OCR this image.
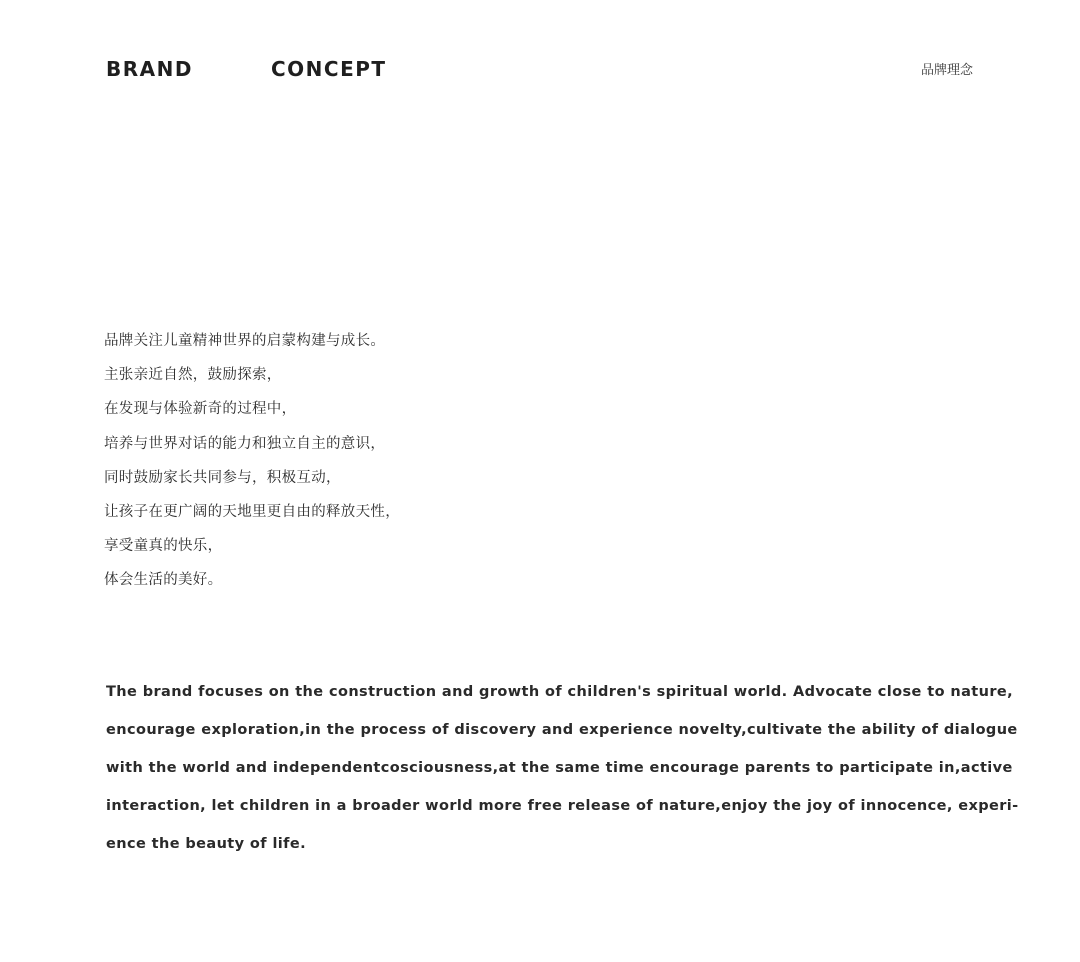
BRAND	CONCEPT	品牌理念
品牌关注儿童精神世界的启蒙构建与成长。
主张亲近自然，鼓励探索，
在发现与体验新奇的过程中，
培养与世界对话的能力和独立自主的意识，
同时鼓励家长共同参与，积极互动，
让孩子在更广阔的天地里更自由的释放天性，
享受童真的快乐，
体会生活的美好。
The brand focuses on the construction and growth of children's spiritual world. Advocate close to nature,
encourage exploration,in the process of discovery and experience novelty,cultivate the ability of dialogue
with the world and independentcosciousness,at the same time encourage parents to participate in,active
interaction, let children in a broader world more free release of nature,enjoy the joy of innocence, experi-
ence the beauty of life.
